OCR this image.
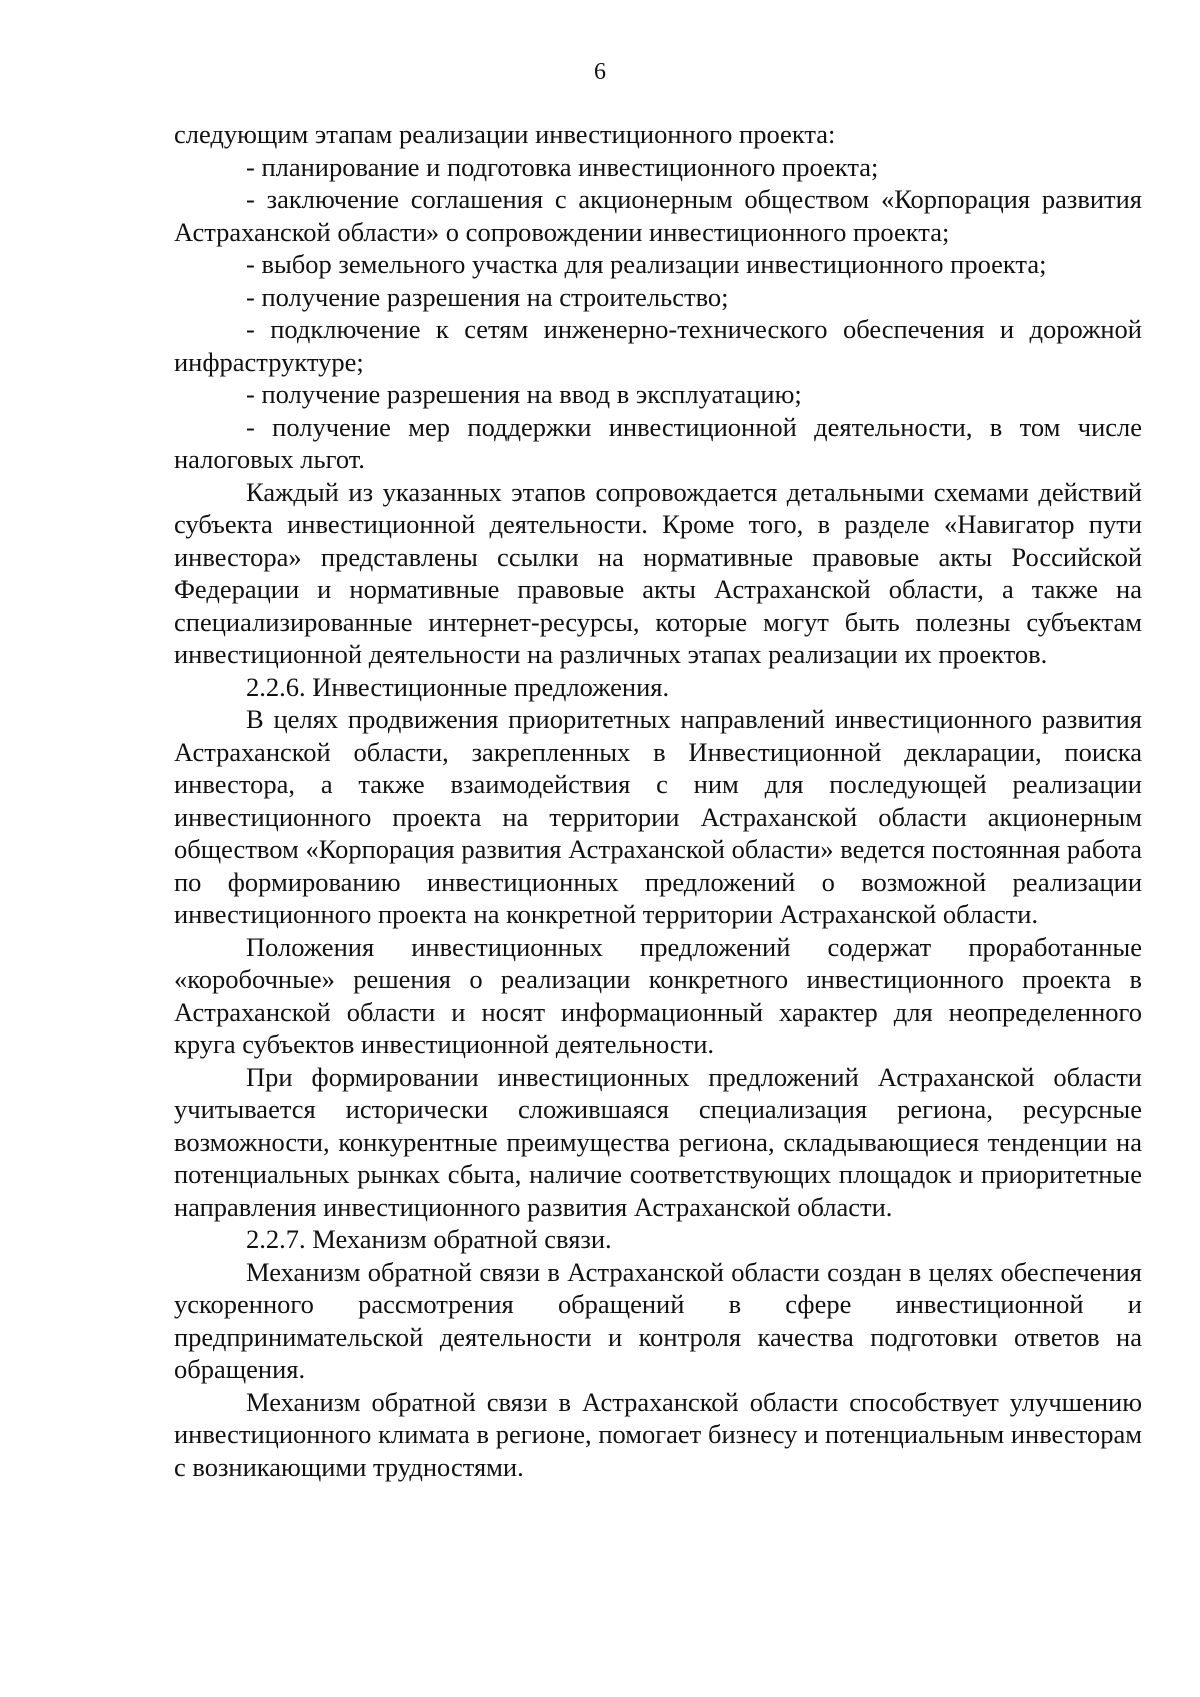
6

следующим этапам реализации инвестиционного проекта:

- планирование и подготовка инвестиционного проекта;

- заключение соглашения с акционерным обществом «Корпорация развития Астраханской области» о сопровождении инвестиционного проекта;

- выбор земельного участка для реализации инвестиционного проекта;

- получение разрешения на строительство;

- подключение к сетям инженерно-технического обеспечения и дорожной инфраструктуре;

- получение разрешения на ввод в эксплуатацию;

- получение мер поддержки инвестиционной деятельности, в том числе налоговых льгот.

Каждый из указанных этапов сопровождается детальными схемами действий субъекта инвестиционной деятельности. Кроме того, в разделе «Навигатор пути инвестора» представлены ссылки на нормативные правовые акты Российской Федерации и нормативные правовые акты Астраханской области, а также на специализированные интернет-ресурсы, которые могут быть полезны субъектам инвестиционной деятельности на различных этапах реализации их проектов.

2.2.6. Инвестиционные предложения.

В целях продвижения приоритетных направлений инвестиционного развития Астраханской области, закрепленных в Инвестиционной декларации, поиска инвестора, а также взаимодействия с ним для последующей реализации инвестиционного проекта на территории Астраханской области акционерным обществом «Корпорация развития Астраханской области» ведется постоянная работа по формированию инвестиционных предложений о возможной реализации инвестиционного проекта на конкретной территории Астраханской области.

Положения инвестиционных предложений содержат проработанные «коробочные» решения о реализации конкретного инвестиционного проекта в Астраханской области и носят информационный характер для неопределенного круга субъектов инвестиционной деятельности.

При формировании инвестиционных предложений Астраханской области учитывается исторически сложившаяся специализация региона, ресурсные возможности, конкурентные преимущества региона, складывающиеся тенденции на потенциальных рынках сбыта, наличие соответствующих площадок и приоритетные направления инвестиционного развития Астраханской области.

2.2.7. Механизм обратной связи.

Механизм обратной связи в Астраханской области создан в целях обеспечения ускоренного рассмотрения обращений в сфере инвестиционной и предпринимательской деятельности и контроля качества подготовки ответов на обращения.

Механизм обратной связи в Астраханской области способствует улучшению инвестиционного климата в регионе, помогает бизнесу и потенциальным инвесторам с возникающими трудностями.
